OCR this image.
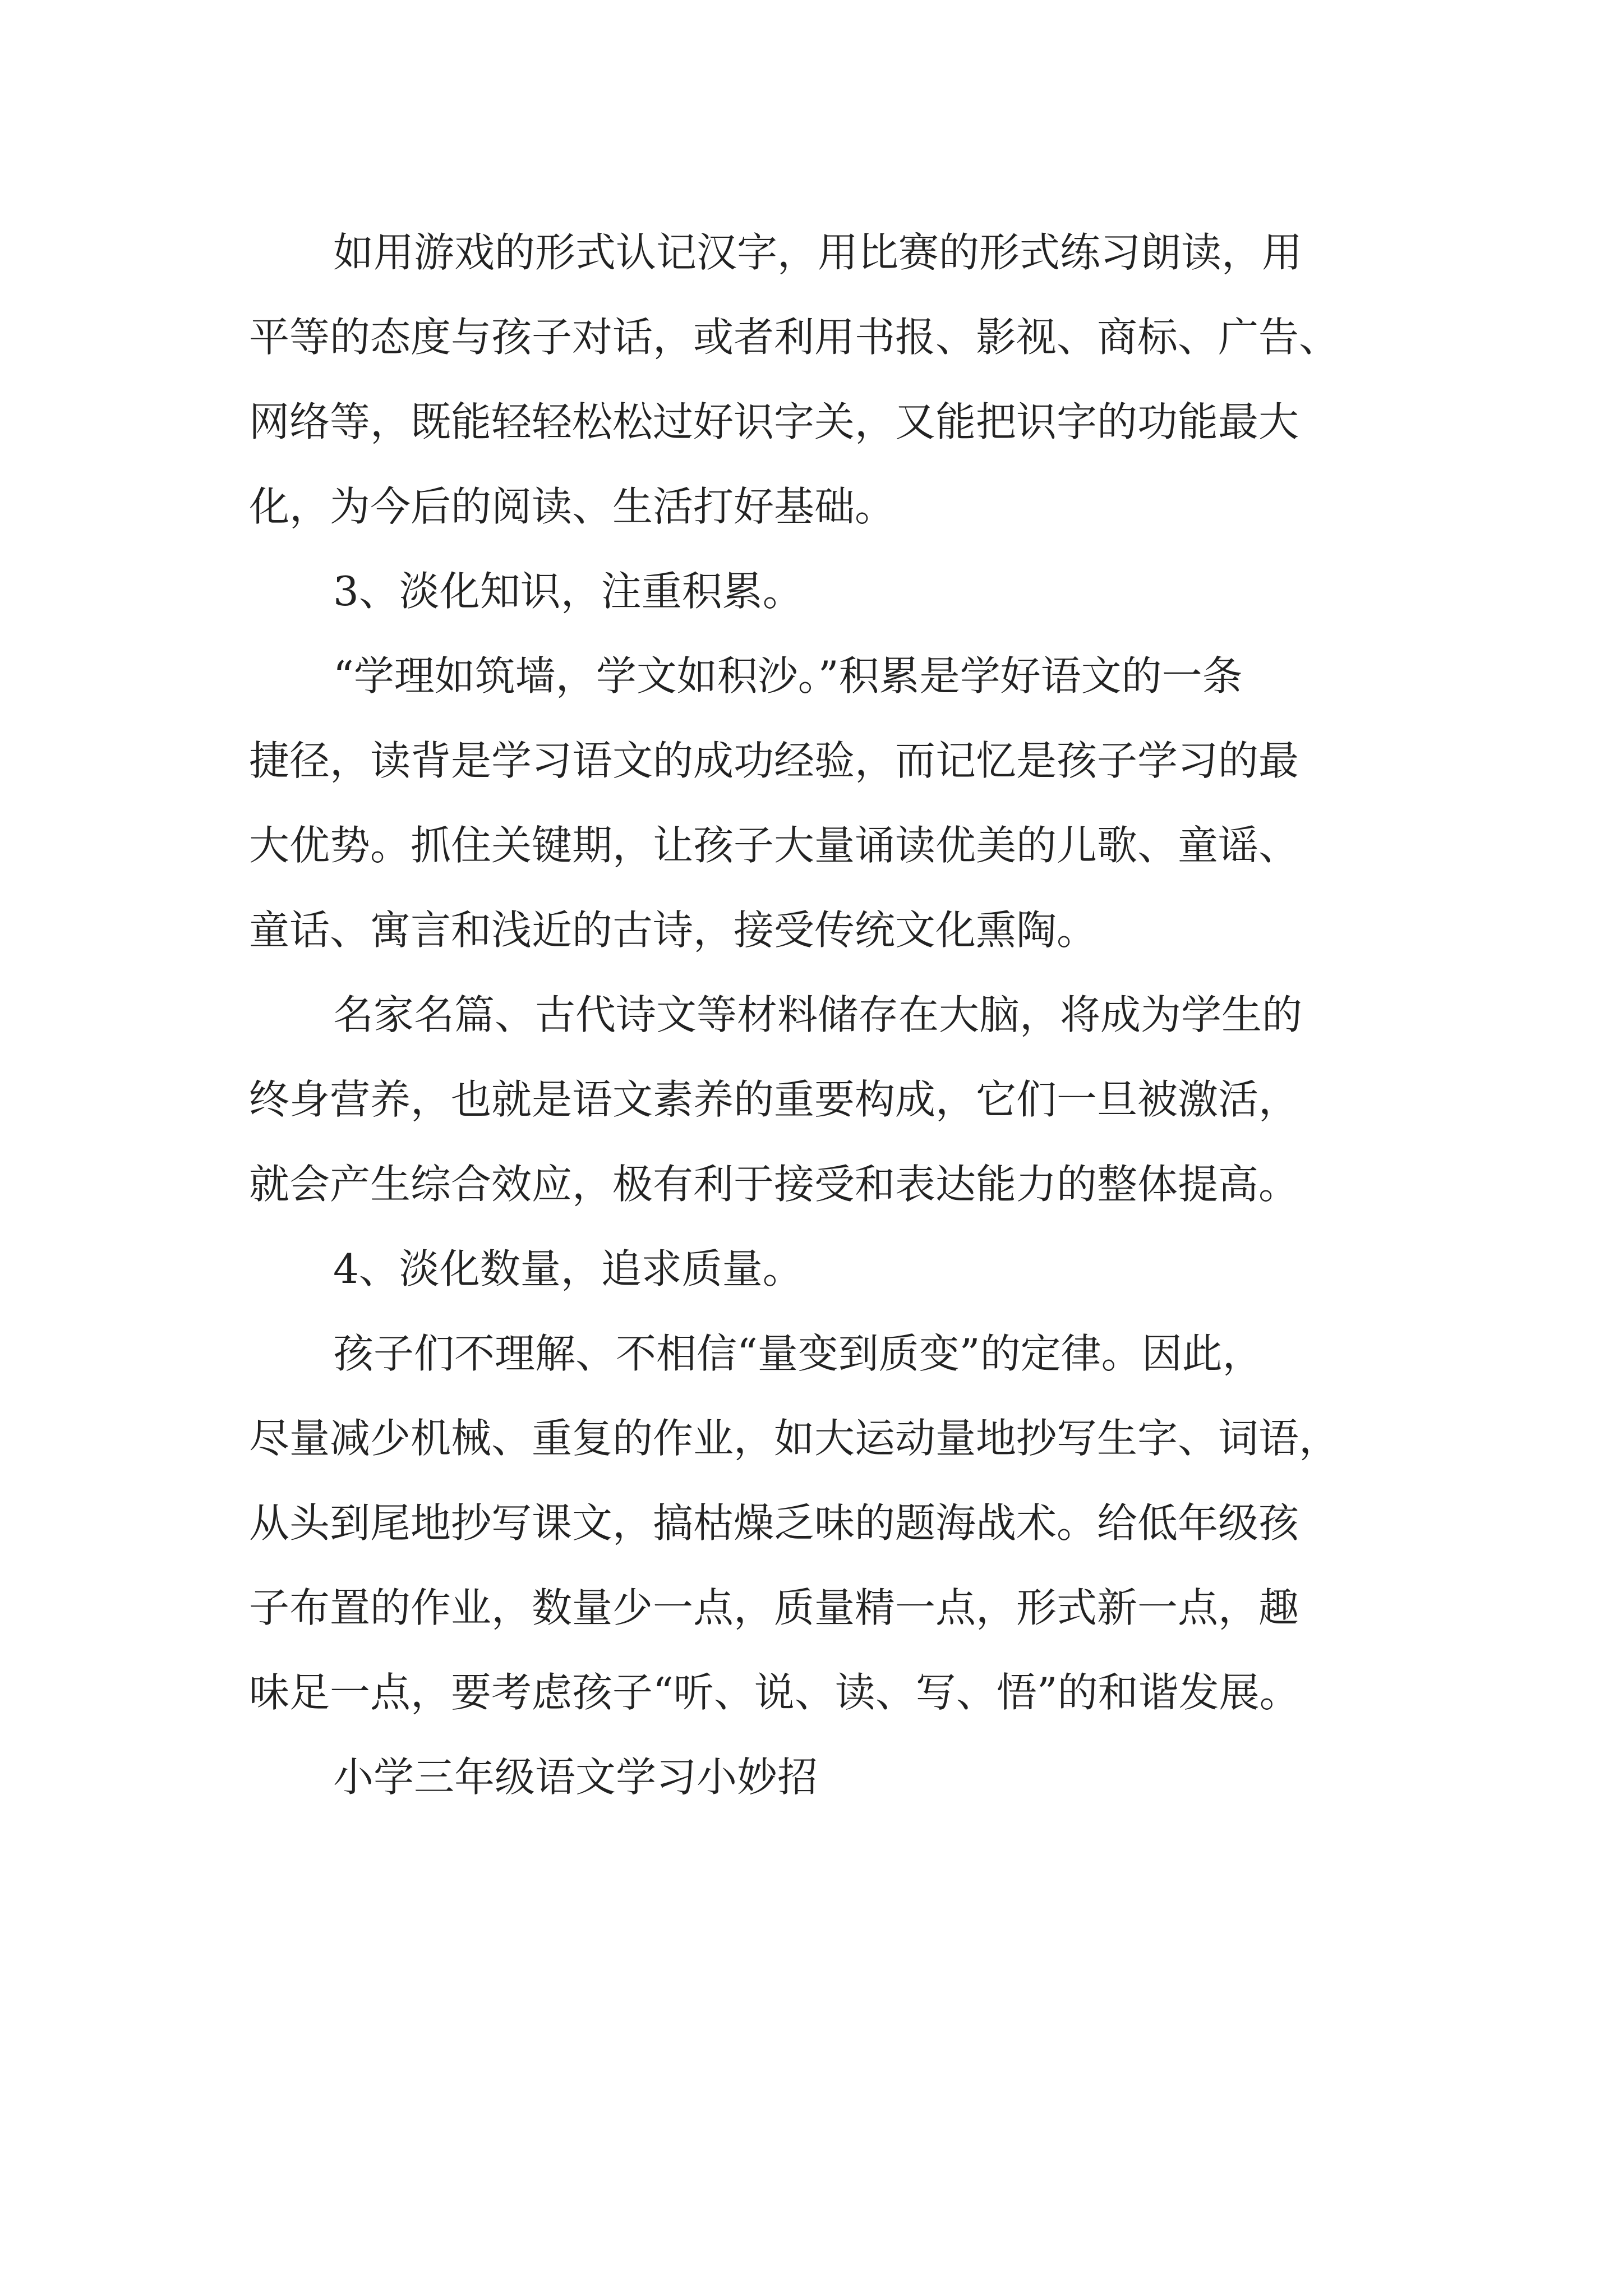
如用游戏的形式认记汉字，用比赛的形式练习朗读，用
平等的态度与孩子对话，或者利用书报、影视、商标、广告、
网络等，既能轻轻松松过好识字关，又能把识字的功能最大
化，为今后的阅读、生活打好基础。
3、淡化知识，注重积累。
“学理如筑墙，学文如积沙。”积累是学好语文的一条
捷径，读背是学习语文的成功经验，而记忆是孩子学习的最
大优势。抓住关键期，让孩子大量诵读优美的儿歌、童谣、
童话、寓言和浅近的古诗，接受传统文化熏陶。
名家名篇、古代诗文等材料储存在大脑，将成为学生的
终身营养，也就是语文素养的重要构成，它们一旦被激活，
就会产生综合效应，极有利于接受和表达能力的整体提高。
4、淡化数量，追求质量。
孩子们不理解、不相信“量变到质变”的定律。因此，
尽量减少机械、重复的作业，如大运动量地抄写生字、词语，
从头到尾地抄写课文，搞枯燥乏味的题海战术。给低年级孩
子布置的作业，数量少一点，质量精一点，形式新一点，趣
味足一点，要考虑孩子“听、说、读、写、悟”的和谐发展。
小学三年级语文学习小妙招
